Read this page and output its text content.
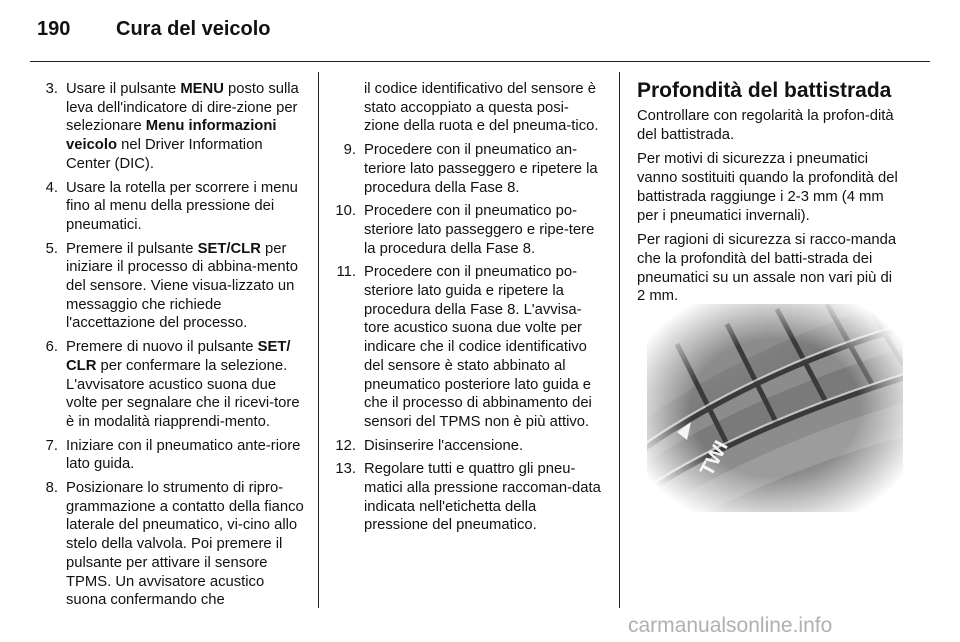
190 Cura del veicolo
3. Usare il pulsante MENU posto sulla leva dell'indicatore di dire-zione per selezionare Menu informazioni veicolo nel Driver Information Center (DIC).
4. Usare la rotella per scorrere i menu fino al menu della pressione dei pneumatici.
5. Premere il pulsante SET/CLR per iniziare il processo di abbina-mento del sensore. Viene visua-lizzato un messaggio che richiede l'accettazione del processo.
6. Premere di nuovo il pulsante SET/ CLR per confermare la selezione. L'avvisatore acustico suona due volte per segnalare che il ricevi-tore è in modalità riapprendi-mento.
7. Iniziare con il pneumatico ante-riore lato guida.
8. Posizionare lo strumento di ripro-grammazione a contatto della fianco laterale del pneumatico, vi-cino allo stelo della valvola. Poi premere il pulsante per attivare il sensore TPMS. Un avvisatore acustico suona confermando che
il codice identificativo del sensore è stato accoppiato a questa posi-zione della ruota e del pneuma-tico.
9. Procedere con il pneumatico an-teriore lato passeggero e ripetere la procedura della Fase 8.
10. Procedere con il pneumatico po-steriore lato passeggero e ripe-tere la procedura della Fase 8.
11. Procedere con il pneumatico po-steriore lato guida e ripetere la procedura della Fase 8. L'avvisa-tore acustico suona due volte per indicare che il codice identificativo del sensore è stato abbinato al pneumatico posteriore lato guida e che il processo di abbinamento dei sensori del TPMS non è più attivo.
12. Disinserire l'accensione.
13. Regolare tutti e quattro gli pneu-matici alla pressione raccoman-data indicata nell'etichetta della pressione del pneumatico.
Profondità del battistrada

Controllare con regolarità la profon-dità del battistrada.

Per motivi di sicurezza i pneumatici vanno sostituiti quando la profondità del battistrada raggiunge i 2-3 mm (4 mm per i pneumatici invernali).

Per ragioni di sicurezza si racco-manda che la profondità del batti-strada dei pneumatici su un assale non vari più di 2 mm.

carmanualsonline.info
